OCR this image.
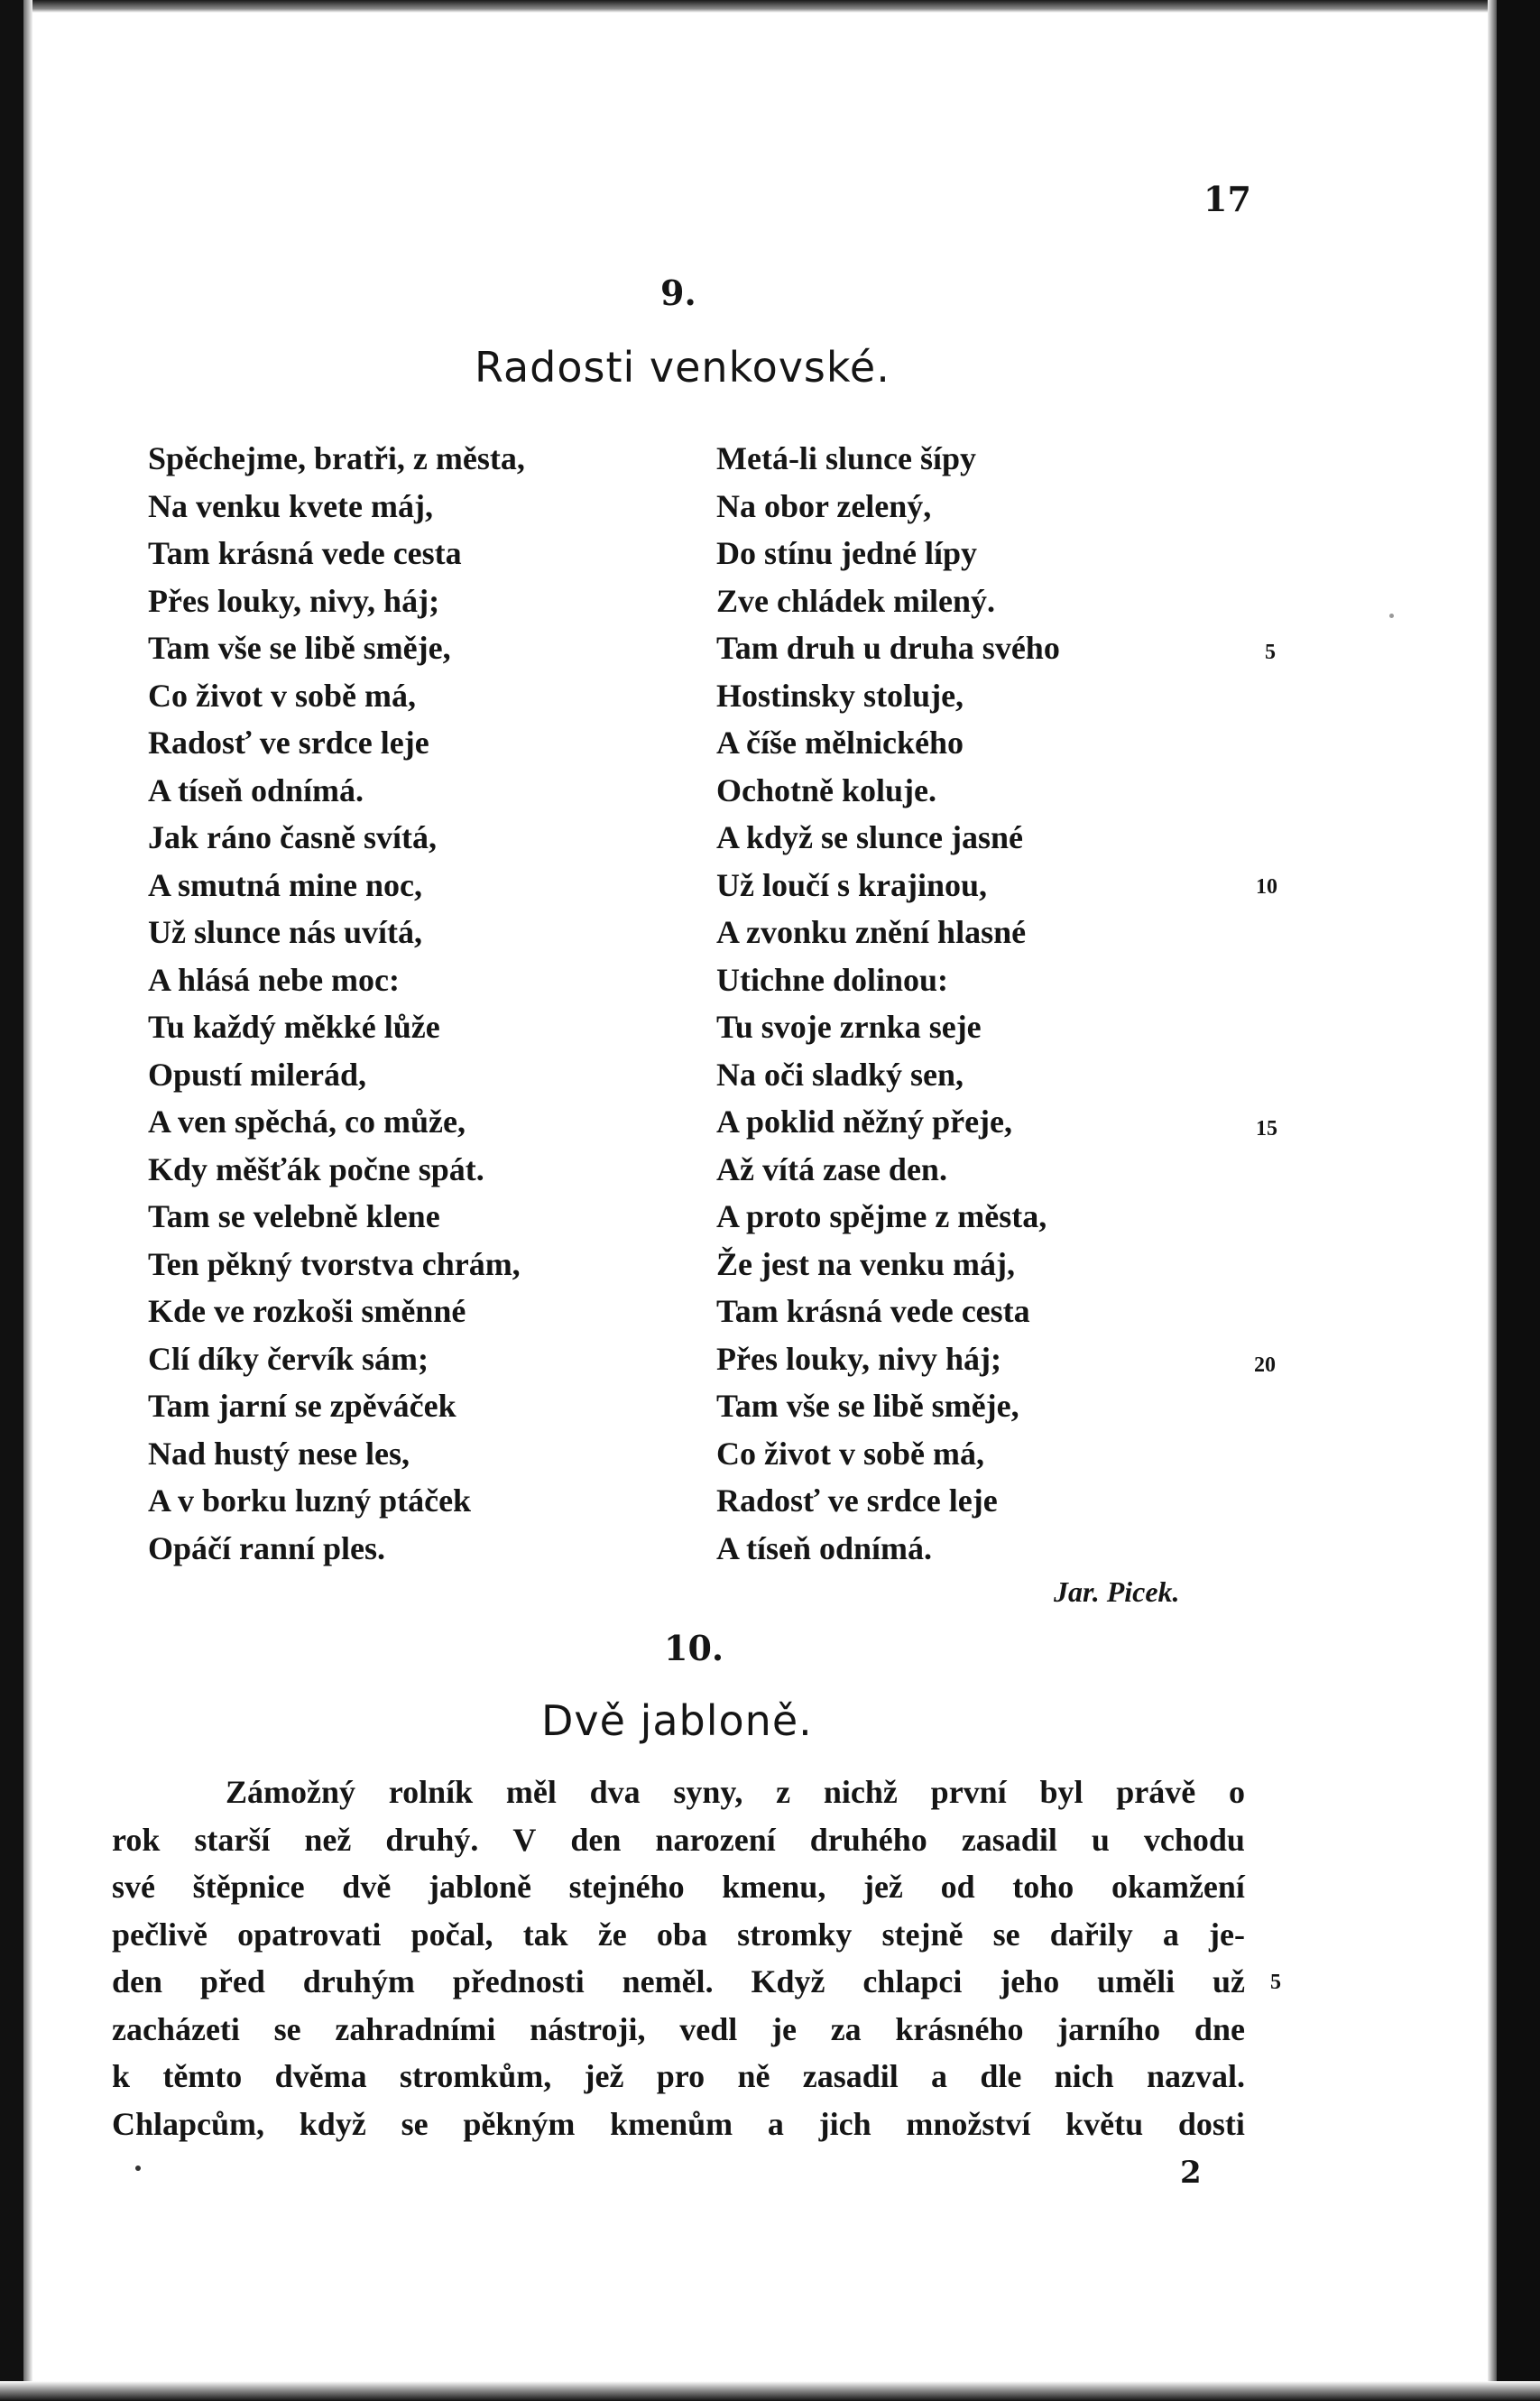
17
9.
Radosti venkovské.
Spěchejme, bratři, z města,
Na venku kvete máj,
Tam krásná vede cesta
Přes louky, nivy, háj;
Tam vše se libě směje,
Co život v sobě má,
Radosť ve srdce leje
A tíseň odnímá.
Jak ráno časně svítá,
A smutná mine noc,
Už slunce nás uvítá,
A hlásá nebe moc:
Tu každý měkké lůže
Opustí milerád,
A ven spěchá, co může,
Kdy měšťák počne spát.
Tam se velebně klene
Ten pěkný tvorstva chrám,
Kde ve rozkoši směnné
Clí díky červík sám;
Tam jarní se zpěváček
Nad hustý nese les,
A v borku luzný ptáček
Opáčí ranní ples.
Metá-li slunce šípy
Na obor zelený,
Do stínu jedné lípy
Zve chládek milený.
Tam druh u druha svého
Hostinsky stoluje,
A číše mělnického
Ochotně koluje.
A když se slunce jasné
Už loučí s krajinou,
A zvonku znění hlasné
Utichne dolinou:
Tu svoje zrnka seje
Na oči sladký sen,
A poklid něžný přeje,
Až vítá zase den.
A proto spějme z města,
Že jest na venku máj,
Tam krásná vede cesta
Přes louky, nivy háj;
Tam vše se libě směje,
Co život v sobě má,
Radosť ve srdce leje
A tíseň odnímá.
5
10
15
20
Jar. Picek.
10.
Dvě jabloně.
Zámožný rolník měl dva syny, z nichž první byl právě o
rok starší než druhý. V den narození druhého zasadil u vchodu
své štěpnice dvě jabloně stejného kmenu, jež od toho okamžení
pečlivě opatrovati počal, tak že oba stromky stejně se dařily a je-
den před druhým přednosti neměl. Když chlapci jeho uměli už
zacházeti se zahradními nástroji, vedl je za krásného jarního dne
k těmto dvěma stromkům, jež pro ně zasadil a dle nich nazval.
Chlapcům, když se pěkným kmenům a jich množství květu dosti
5
2
